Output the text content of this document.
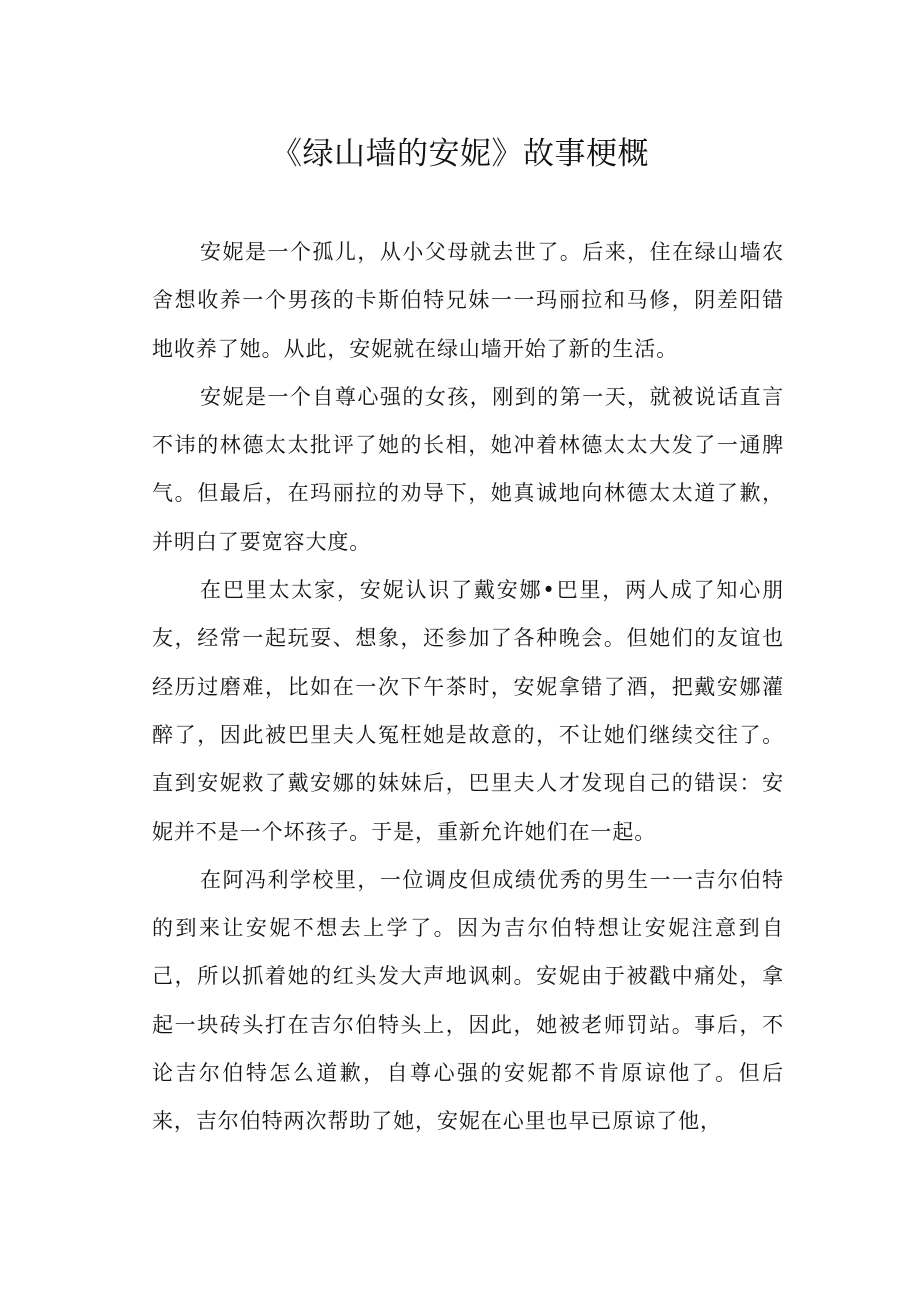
《绿山墙的安妮》故事梗概

安妮是一个孤儿，从小父母就去世了。后来，住在绿山墙农舍想收养一个男孩的卡斯伯特兄妹一一玛丽拉和马修，阴差阳错地收养了她。从此，安妮就在绿山墙开始了新的生活。

安妮是一个自尊心强的女孩，刚到的第一天，就被说话直言不讳的林德太太批评了她的长相，她冲着林德太太大发了一通脾气。但最后，在玛丽拉的劝导下，她真诚地向林德太太道了歉，并明白了要宽容大度。

在巴里太太家，安妮认识了戴安娜•巴里，两人成了知心朋友，经常一起玩耍、想象，还参加了各种晚会。但她们的友谊也经历过磨难，比如在一次下午茶时，安妮拿错了酒，把戴安娜灌醉了，因此被巴里夫人冤枉她是故意的，不让她们继续交往了。直到安妮救了戴安娜的妹妹后，巴里夫人才发现自己的错误：安妮并不是一个坏孩子。于是，重新允许她们在一起。

在阿冯利学校里，一位调皮但成绩优秀的男生一一吉尔伯特的到来让安妮不想去上学了。因为吉尔伯特想让安妮注意到自己，所以抓着她的红头发大声地讽刺。安妮由于被戳中痛处，拿起一块砖头打在吉尔伯特头上，因此，她被老师罚站。事后，不论吉尔伯特怎么道歉，自尊心强的安妮都不肯原谅他了。但后来，吉尔伯特两次帮助了她，安妮在心里也早已原谅了他，
